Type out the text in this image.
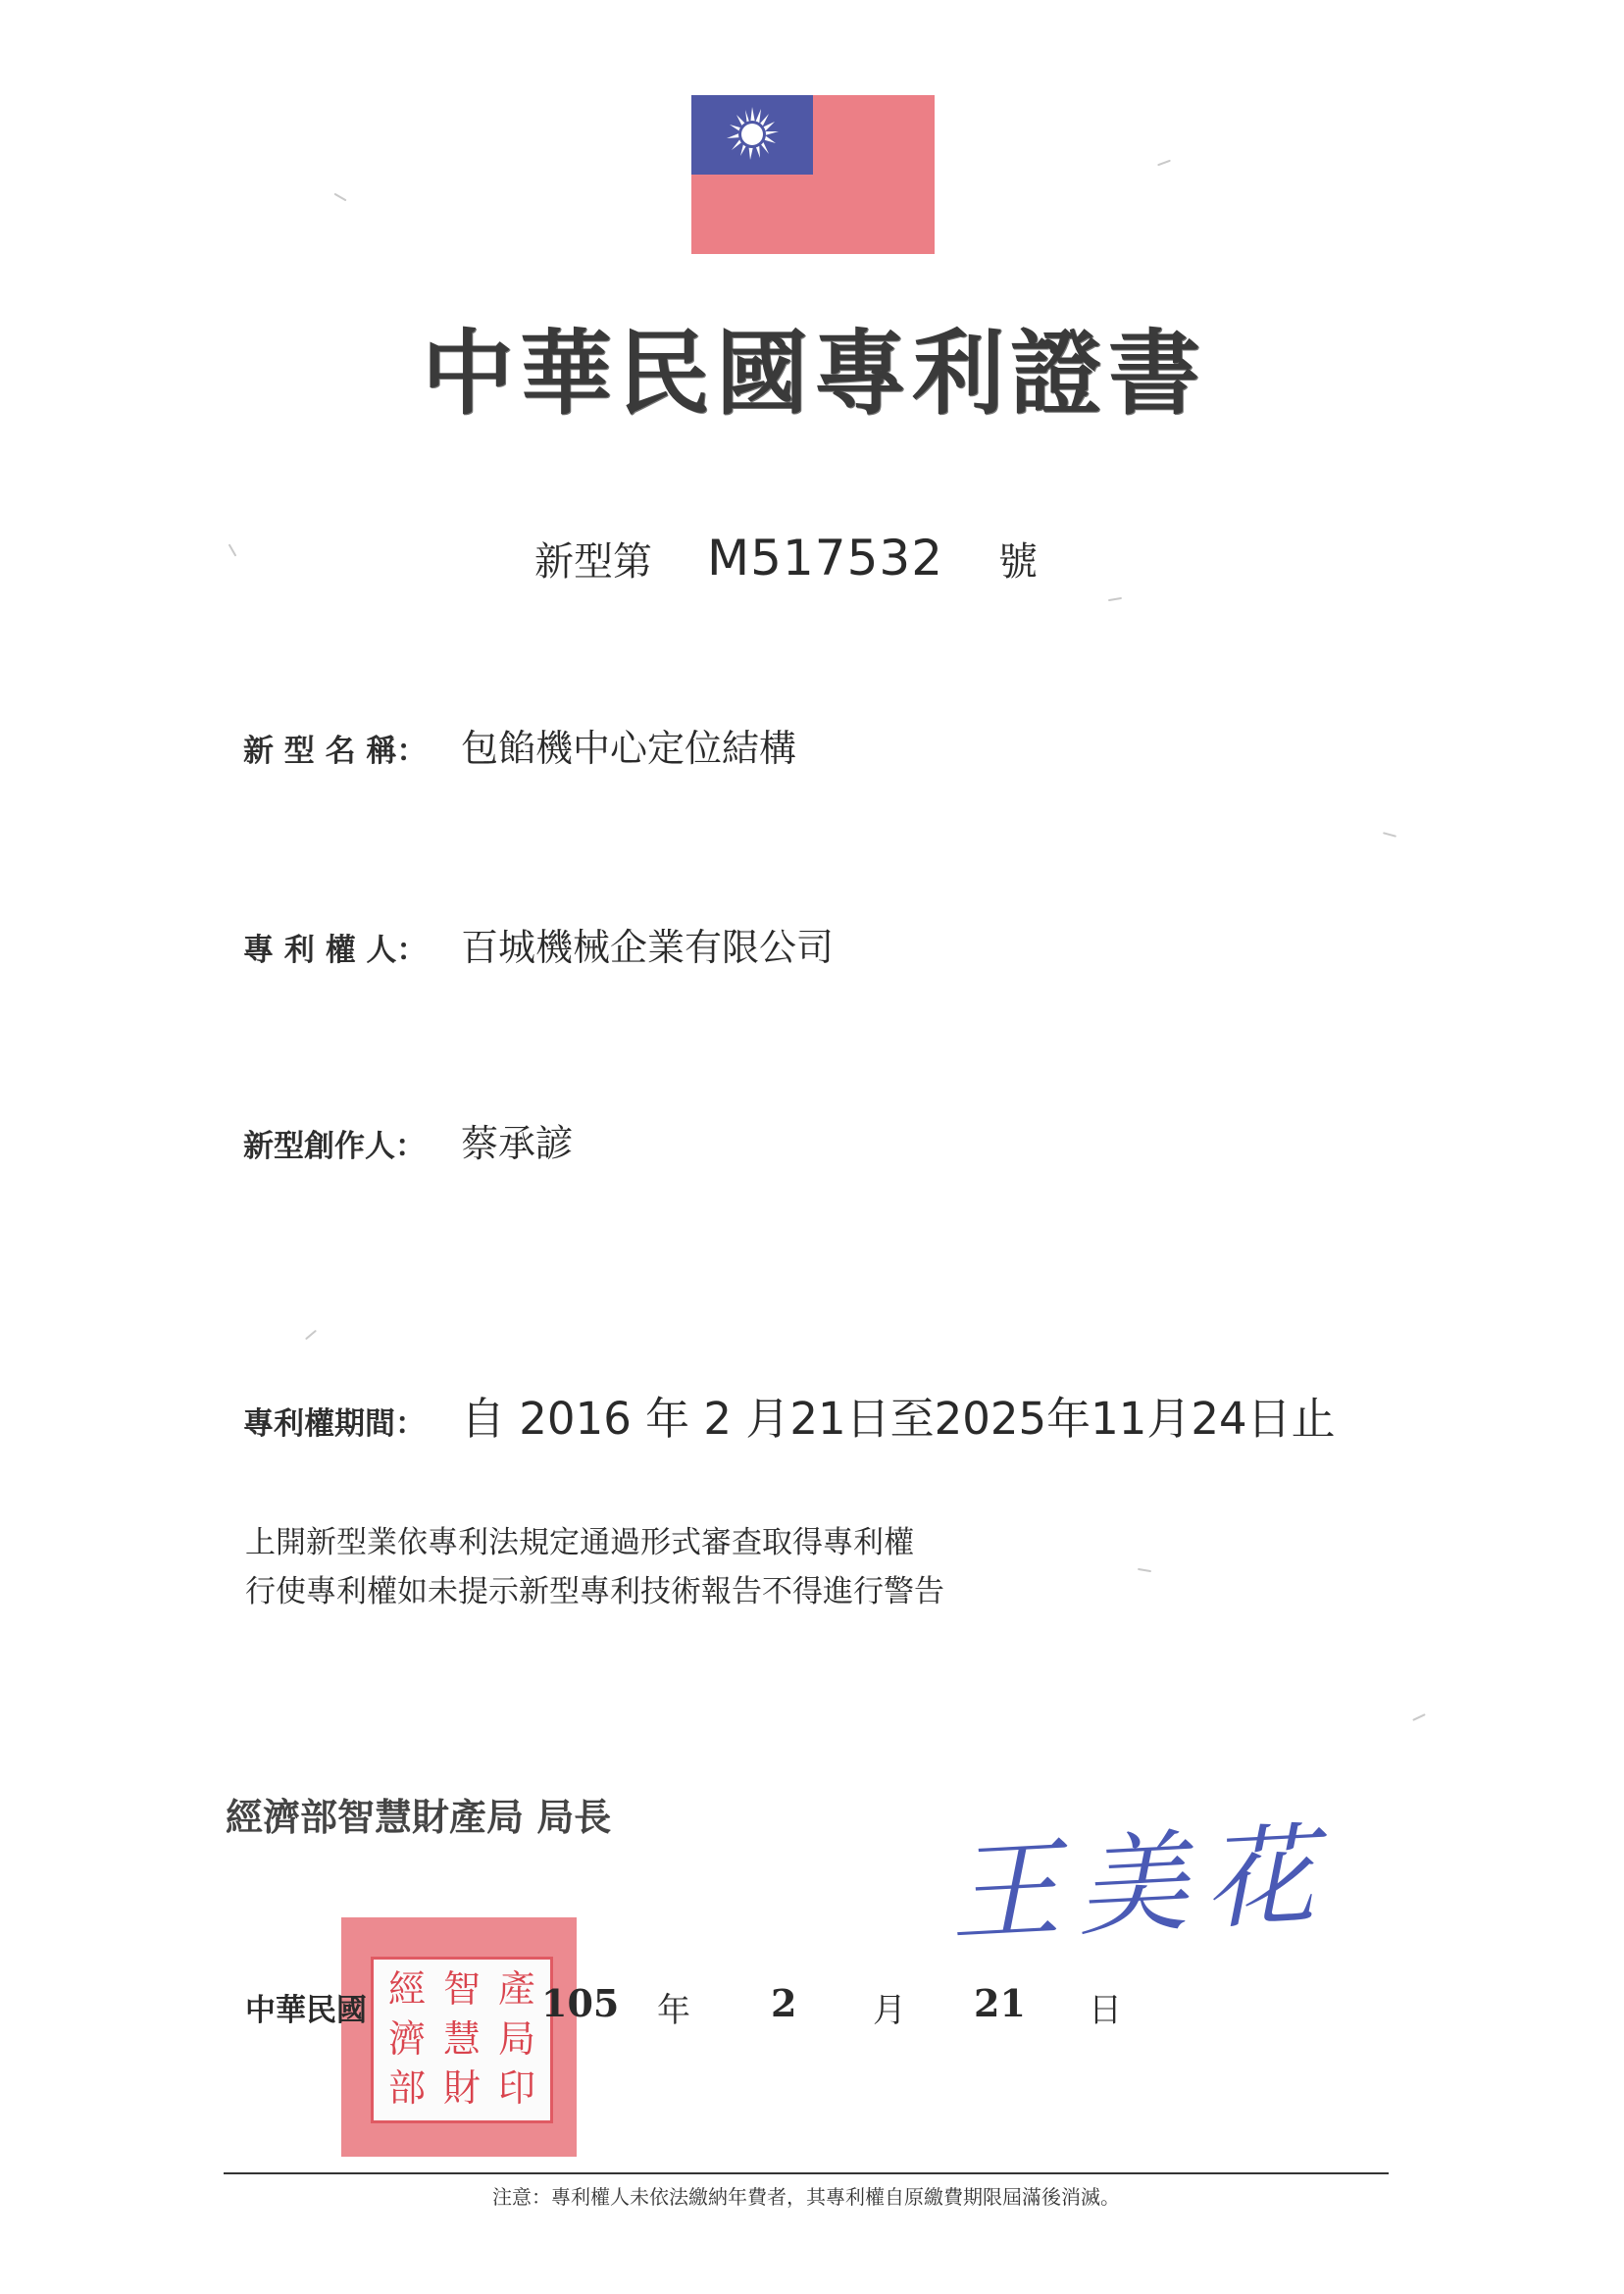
中華民國專利證書
新型第 M517532 號
新 型 名 稱： 包餡機中心定位結構
專 利 權 人： 百城機械企業有限公司
新型創作人： 蔡承諺
專利權期間： 自 2016 年 2 月21日至2025年11月24日止
上開新型業依專利法規定通過形式審查取得專利權
行使專利權如未提示新型專利技術報告不得進行警告
經濟部智慧財產局 局長	王美花
經 智 產
濟 慧 局
部 財 印
中華民國	105 年 2 月 21 日
注意：專利權人未依法繳納年費者，其專利權自原繳費期限屆滿後消滅。
